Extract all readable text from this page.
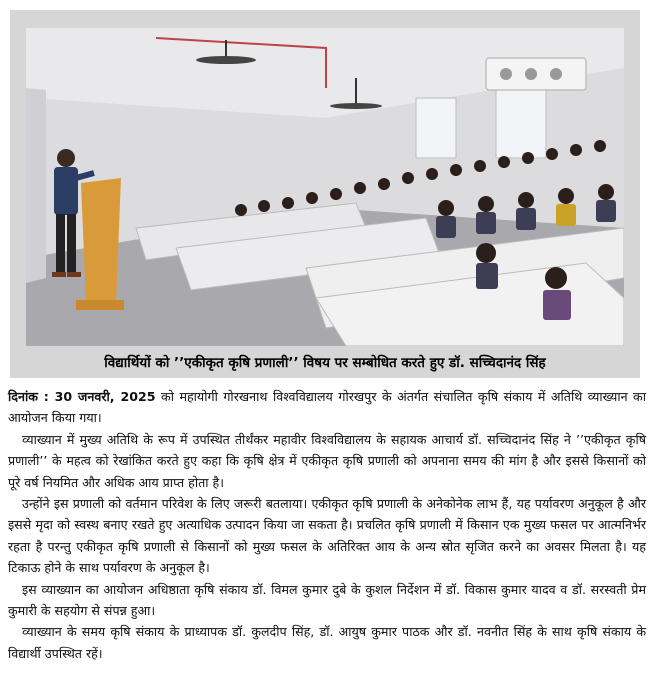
विद्यार्थियों को ’’एकीकृत कृषि प्रणाली’’ विषय पर सम्बोधित करते हुए डॉ. सच्चिदानंद सिंह

दिनांक : 30 जनवरी, 2025 को महायोगी गोरखनाथ विश्वविद्यालय गोरखपुर के अंतर्गत संचालित कृषि संकाय में अतिथि व्याख्यान का आयोजन किया गया।

व्याख्यान में मुख्य अतिथि के रूप में उपस्थित तीर्थंकर महावीर विश्वविद्यालय के सहायक आचार्य डॉ. सच्चिदानंद सिंह ने ’’एकीकृत कृषि प्रणाली’’ के महत्व को रेखांकित करते हुए कहा कि कृषि क्षेत्र में एकीकृत कृषि प्रणाली को अपनाना समय की मांग है और इससे किसानों को पूरे वर्ष नियमित और अधिक आय प्राप्त होता है।

उन्होंने इस प्रणाली को वर्तमान परिवेश के लिए जरूरी बतलाया। एकीकृत कृषि प्रणाली के अनेकोनेक लाभ हैं, यह पर्यावरण अनुकूल है और इससे मृदा को स्वस्थ बनाए रखते हुए अत्याधिक उत्पादन किया जा सकता है। प्रचलित कृषि प्रणाली में किसान एक मुख्य फसल पर आत्मनिर्भर रहता है परन्तु एकीकृत कृषि प्रणाली से किसानों को मुख्य फसल के अतिरिक्त आय के अन्य स्रोत सृजित करने का अवसर मिलता है। यह टिकाऊ होने के साथ पर्यावरण के अनुकूल है।

इस व्याख्यान का आयोजन अधिष्ठाता कृषि संकाय डॉ. विमल कुमार दुबे के कुशल निर्देशन में डॉ. विकास कुमार यादव व डॉ. सरस्वती प्रेम कुमारी के सहयोग से संपन्न हुआ।

व्याख्यान के समय कृषि संकाय के प्राध्यापक डॉ. कुलदीप सिंह, डॉ. आयुष कुमार पाठक और डॉ. नवनीत सिंह के साथ कृषि संकाय के विद्यार्थी उपस्थित रहें।
